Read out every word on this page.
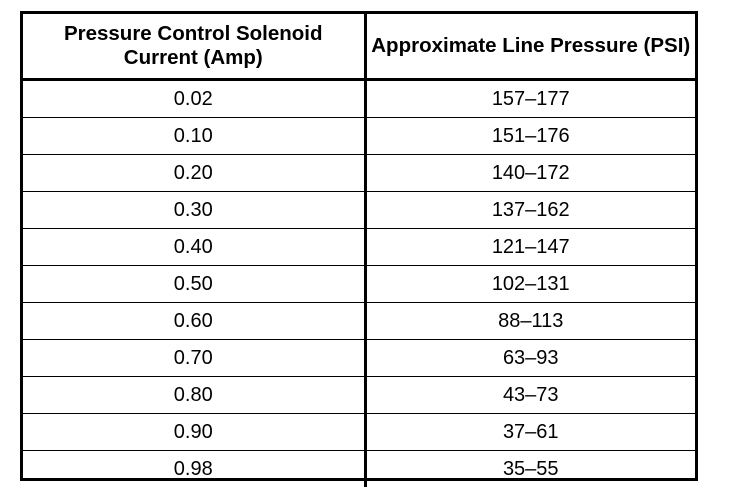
Pressure Control Solenoid Current (Amp)	Approximate Line Pressure (PSI)
0.02	157–177
0.10	151–176
0.20	140–172
0.30	137–162
0.40	121–147
0.50	102–131
0.60	88–113
0.70	63–93
0.80	43–73
0.90	37–61
0.98	35–55
